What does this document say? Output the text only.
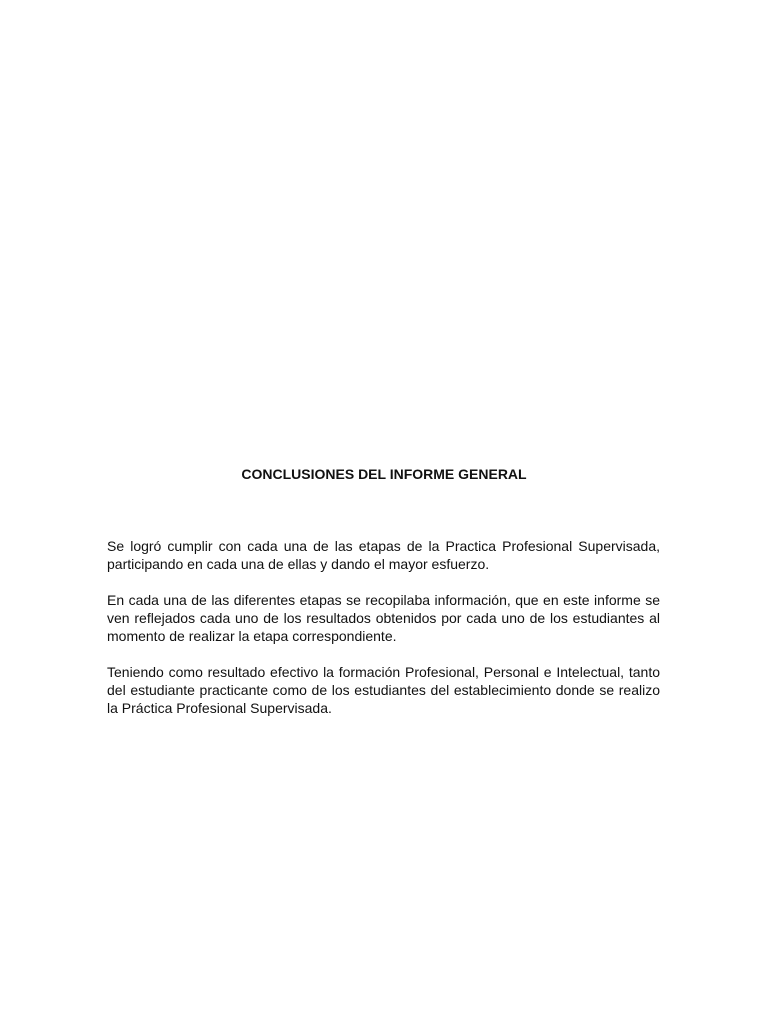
CONCLUSIONES DEL INFORME GENERAL

Se logró cumplir con cada una de las etapas de la Practica Profesional Supervisada, participando en cada una de ellas y dando el mayor esfuerzo.

En cada una de las diferentes etapas se recopilaba información, que en este informe se ven reflejados cada uno de los resultados obtenidos por cada uno de los estudiantes al momento de realizar la etapa correspondiente.

Teniendo como resultado efectivo la formación Profesional, Personal e Intelectual, tanto del estudiante practicante como de los estudiantes del establecimiento donde se realizo la Práctica Profesional Supervisada.
